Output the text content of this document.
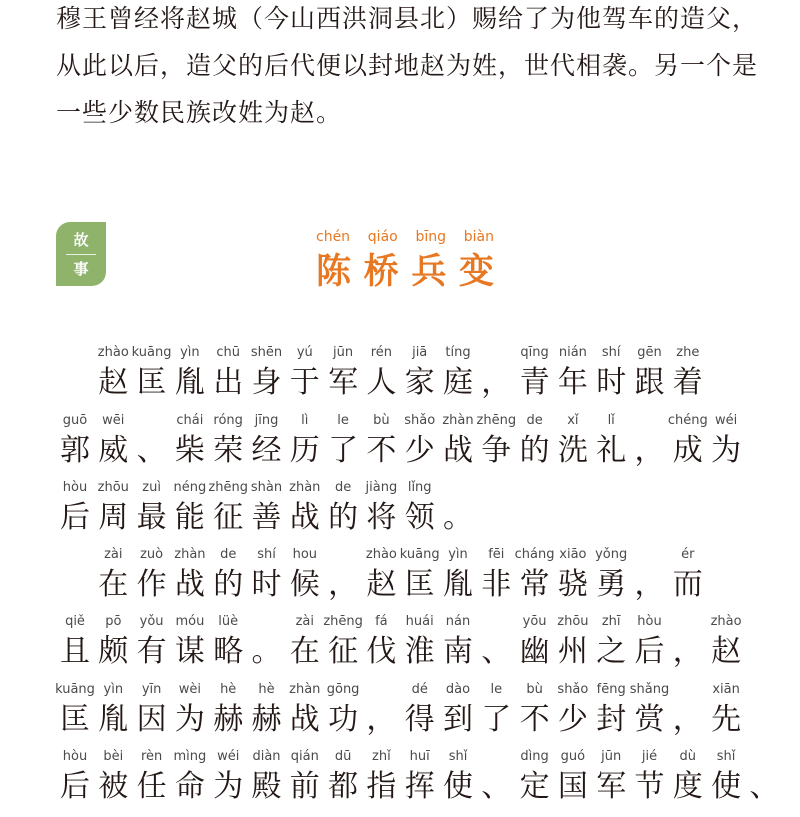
穆王曾经将赵城（今山西洪洞县北）赐给了为他驾车的造父，

从此以后，造父的后代便以封地赵为姓，世代相袭。另一个是

一些少数民族改姓为赵。

故
事
chén qiáo bīng biàn
陈 桥 兵 变
zhào
赵
kuāng
匡
yìn
胤
chū
出
shēn
身
yú
于
jūn
军
rén
人
jiā
家
tíng
庭 ，
qīng
青
nián
年
shí
时
gēn
跟
zhe
着
guō
郭
wēi
威 、
chái
柴
róng
荣
jīng
经
lì
历
le
了
bù
不
shǎo
少
zhàn
战
zhēng
争
de
的
xǐ
洗
lǐ
礼 ，
chéng
成
wéi
为
hòu
后
zhōu
周
zuì
最
néng
能
zhēng
征
shàn
善
zhàn
战
de
的
jiàng
将
lǐng
领 。
zài
在
zuò
作
zhàn
战
de
的
shí
时
hou
候 ，
zhào
赵
kuāng
匡
yìn
胤
fēi
非
cháng
常
xiāo
骁
yǒng
勇 ，
ér
而
qiě
且
pō
颇
yǒu
有
móu
谋
lüè
略 。
zài
在
zhēng
征
fá
伐
huái
淮
nán
南 、
yōu
幽
zhōu
州
zhī
之
hòu
后 ，
zhào
赵
kuāng
匡
yìn
胤
yīn
因
wèi
为
hè
赫
hè
赫
zhàn
战
gōng
功 ，
dé
得
dào
到
le
了
bù
不
shǎo
少
fēng
封
shǎng
赏 ，
xiān
先
hòu
后
bèi
被
rèn
任
mìng
命
wéi
为
diàn
殿
qián
前
dū
都
zhǐ
指
huī
挥
shǐ
使 、
dìng
定
guó
国
jūn
军
jié
节
dù
度
shǐ
使 、
